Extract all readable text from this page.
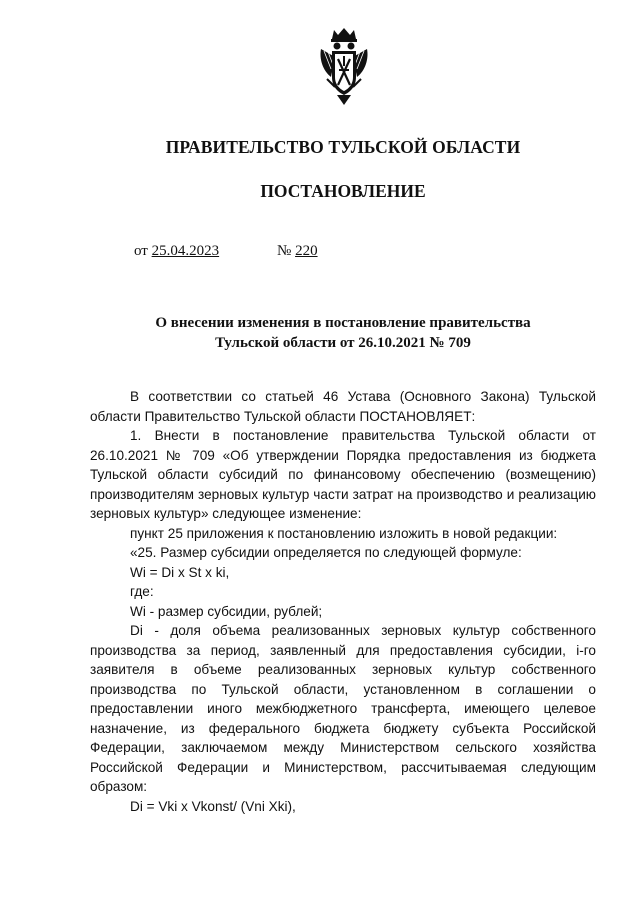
ПРАВИТЕЛЬСТВО ТУЛЬСКОЙ ОБЛАСТИ
ПОСТАНОВЛЕНИЕ
от 25.04.2023	№ 220
О внесении изменения в постановление правительства
Тульской области от 26.10.2021 № 709

В соответствии со статьей 46 Устава (Основного Закона) Тульской области Правительство Тульской области ПОСТАНОВЛЯЕТ:

1. Внести в постановление правительства Тульской области от 26.10.2021 № 709 «Об утверждении Порядка предоставления из бюджета Тульской области субсидий по финансовому обеспечению (возмещению) производителям зерновых культур части затрат на производство и реализацию зерновых культур» следующее изменение:

пункт 25 приложения к постановлению изложить в новой редакции:

«25. Размер субсидии определяется по следующей формуле:

Wi = Di x St x ki,

где:

Wi - размер субсидии, рублей;

Di - доля объема реализованных зерновых культур собственного производства за период, заявленный для предоставления субсидии, i-го заявителя в объеме реализованных зерновых культур собственного производства по Тульской области, установленном в соглашении о предоставлении иного межбюджетного трансферта, имеющего целевое назначение, из федерального бюджета бюджету субъекта Российской Федерации, заключаемом между Министерством сельского хозяйства Российской Федерации и Министерством, рассчитываемая следующим образом:

Di = Vki x Vkonst/ (Vni Xki),
